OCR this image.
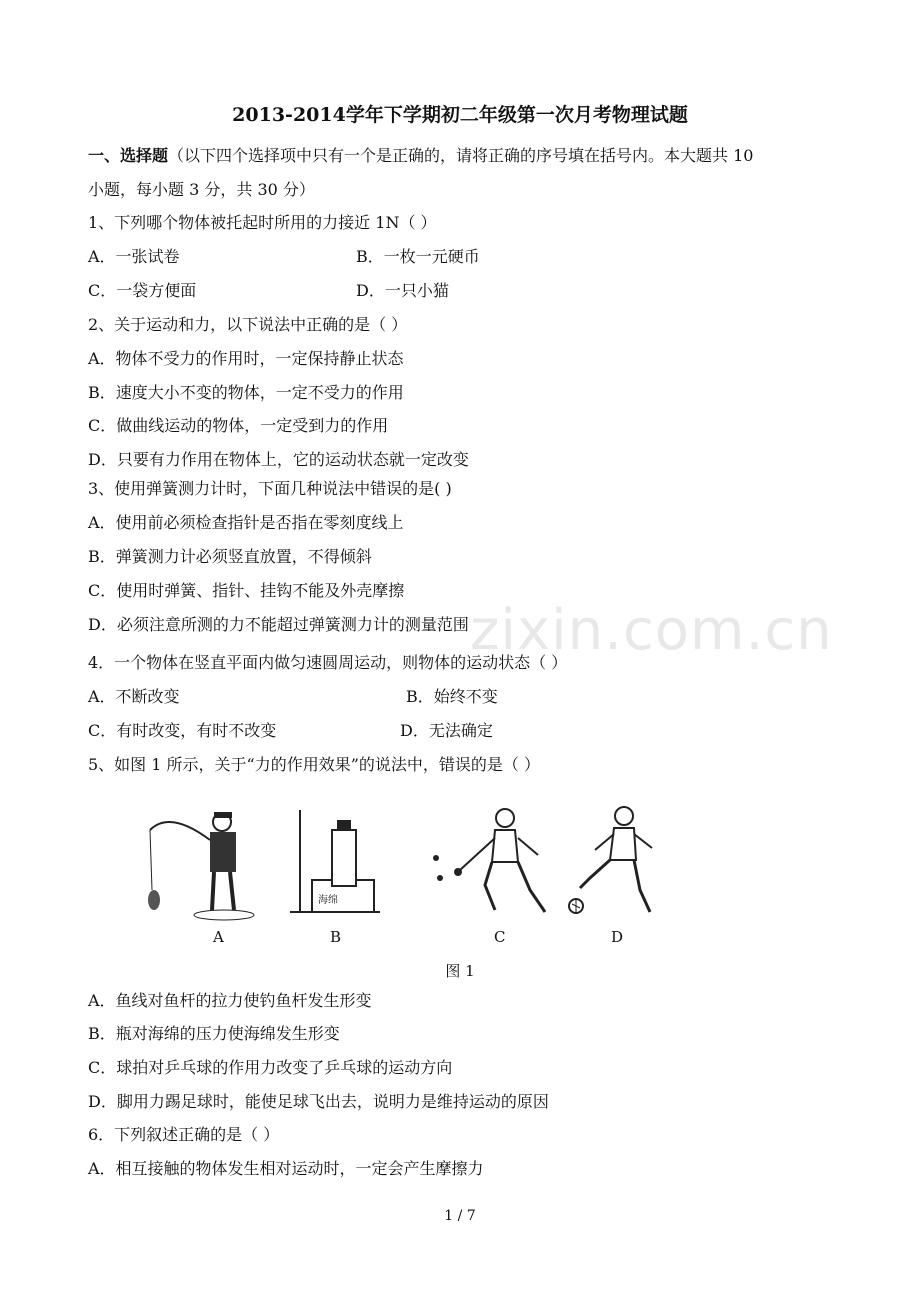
2013-2014学年下学期初二年级第一次月考物理试题
一、选择题（以下四个选择项中只有一个是正确的，请将正确的序号填在括号内。本大题共 10
小题，每小题 3 分，共 30 分）
1、下列哪个物体被托起时所用的力接近 1N（ ）
A．一张试卷	B．一枚一元硬币
C．一袋方便面	D．一只小猫
2、关于运动和力，以下说法中正确的是（ ）
A．物体不受力的作用时，一定保持静止状态
B．速度大小不变的物体，一定不受力的作用
C．做曲线运动的物体，一定受到力的作用
D．只要有力作用在物体上，它的运动状态就一定改变
3、使用弹簧测力计时，下面几种说法中错误的是( )
A．使用前必须检查指针是否指在零刻度线上
B．弹簧测力计必须竖直放置，不得倾斜
C．使用时弹簧、指针、挂钩不能及外壳摩擦
D．必须注意所测的力不能超过弹簧测力计的测量范围 zixin.com.cn
4．一个物体在竖直平面内做匀速圆周运动，则物体的运动状态（ ）
A．不断改变	B．始终不变
C．有时改变，有时不改变	D．无法确定
5、如图 1 所示，关于“力的作用效果”的说法中，错误的是（ ）
海绵
A	B	C	D
图 1
A．鱼线对鱼杆的拉力使钓鱼杆发生形变
B．瓶对海绵的压力使海绵发生形变
C．球拍对乒乓球的作用力改变了乒乓球的运动方向
D．脚用力踢足球时，能使足球飞出去，说明力是维持运动的原因
6．下列叙述正确的是（ ）
A．相互接触的物体发生相对运动时，一定会产生摩擦力
1 / 7
